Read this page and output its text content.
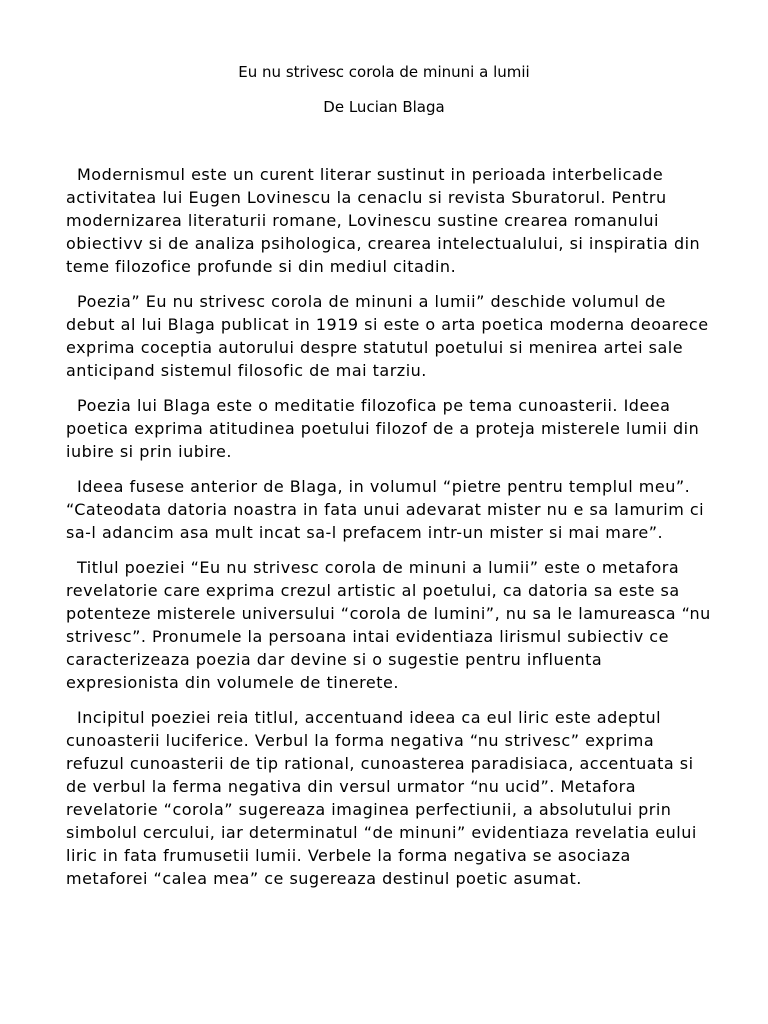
Eu nu strivesc corola de minuni a lumii

De Lucian Blaga

Modernismul este un curent literar sustinut in perioada interbelicade activitatea lui Eugen Lovinescu la cenaclu si revista Sburatorul. Pentru modernizarea literaturii romane, Lovinescu sustine crearea romanului obiectivv si de analiza psihologica, crearea intelectualului, si inspiratia din teme filozofice profunde si din mediul citadin.

Poezia” Eu nu strivesc corola de minuni a lumii” deschide volumul de debut al lui Blaga publicat in 1919 si este o arta poetica moderna deoarece exprima coceptia autorului despre statutul poetului si menirea artei sale anticipand sistemul filosofic de mai tarziu.

Poezia lui Blaga este o meditatie filozofica pe tema cunoasterii. Ideea poetica exprima atitudinea poetului filozof de a proteja misterele lumii din iubire si prin iubire.

Ideea fusese anterior de Blaga, in volumul “pietre pentru templul meu”. “Cateodata datoria noastra in fata unui adevarat mister nu e sa lamurim ci sa-l adancim asa mult incat sa-l prefacem intr-un mister si mai mare”.

Titlul poeziei “Eu nu strivesc corola de minuni a lumii” este o metafora revelatorie care exprima crezul artistic al poetului, ca datoria sa este sa potenteze misterele universului “corola de lumini”, nu sa le lamureasca “nu strivesc”. Pronumele la persoana intai evidentiaza lirismul subiectiv ce caracterizeaza poezia dar devine si o sugestie pentru influenta expresionista din volumele de tinerete.

Incipitul poeziei reia titlul, accentuand ideea ca eul liric este adeptul cunoasterii luciferice. Verbul la forma negativa “nu strivesc” exprima refuzul cunoasterii de tip rational, cunoasterea paradisiaca, accentuata si de verbul la ferma negativa din versul urmator “nu ucid”. Metafora revelatorie “corola” sugereaza imaginea perfectiunii, a absolutului prin simbolul cercului, iar determinatul “de minuni” evidentiaza revelatia eului liric in fata frumusetii lumii. Verbele la forma negativa se asociaza metaforei “calea mea” ce sugereaza destinul poetic asumat.
